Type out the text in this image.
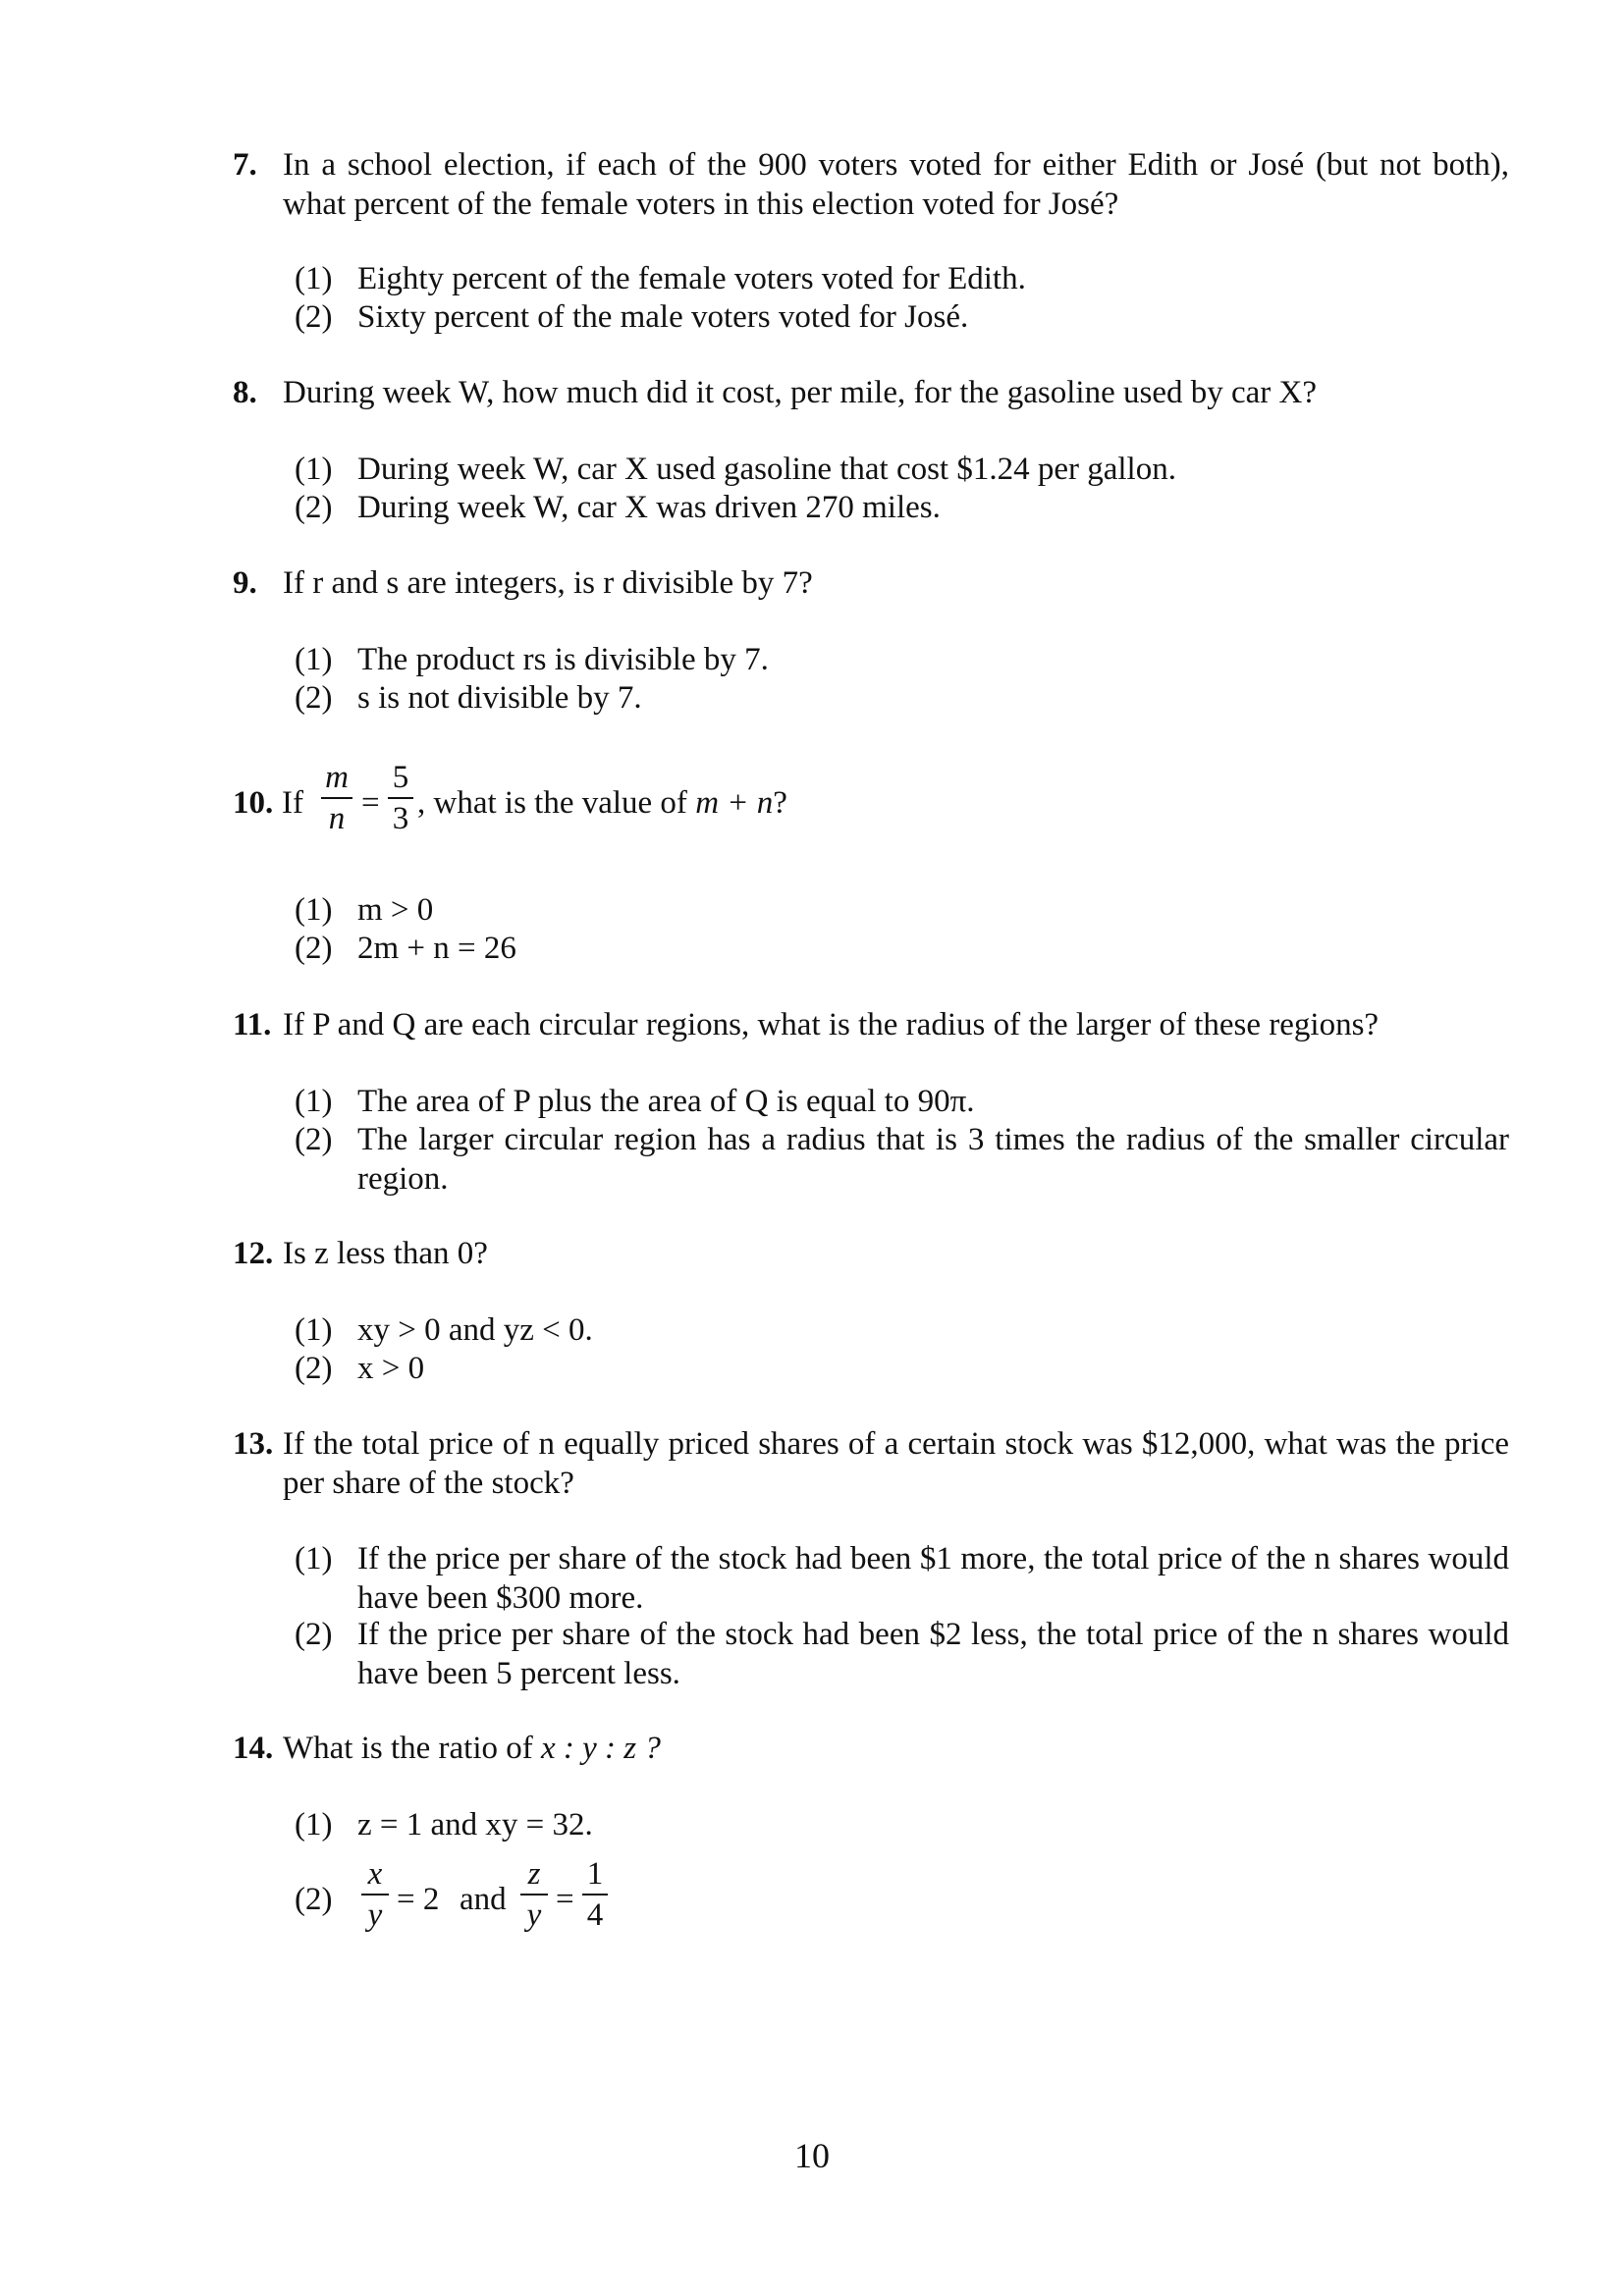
7. In a school election, if each of the 900 voters voted for either Edith or José (but not both), what percent of the female voters in this election voted for José?
(1) Eighty percent of the female voters voted for Edith.
(2) Sixty percent of the male voters voted for José.
8. During week W, how much did it cost, per mile, for the gasoline used by car X?
(1) During week W, car X used gasoline that cost $1.24 per gallon.
(2) During week W, car X was driven 270 miles.
9. If r and s are integers, is r divisible by 7?
(1) The product rs is divisible by 7.
(2) s is not divisible by 7.
10. If
m
n =
5
3 , what is the value of m + n?
(1) m > 0
(2) 2m + n = 26
11. If P and Q are each circular regions, what is the radius of the larger of these regions?
(1) The area of P plus the area of Q is equal to 90π.
(2) The larger circular region has a radius that is 3 times the radius of the smaller circular region.
12. Is z less than 0?
(1) xy > 0 and yz < 0.
(2) x > 0
13. If the total price of n equally priced shares of a certain stock was $12,000, what was the price per share of the stock?
(1) If the price per share of the stock had been $1 more, the total price of the n shares would have been $300 more.
(2) If the price per share of the stock had been $2 less, the total price of the n shares would have been 5 percent less.
14. What is the ratio of x : y : z ?
(1) z = 1 and xy = 32.
(2)
x
y = 2 and
z
y =
1
4
10
